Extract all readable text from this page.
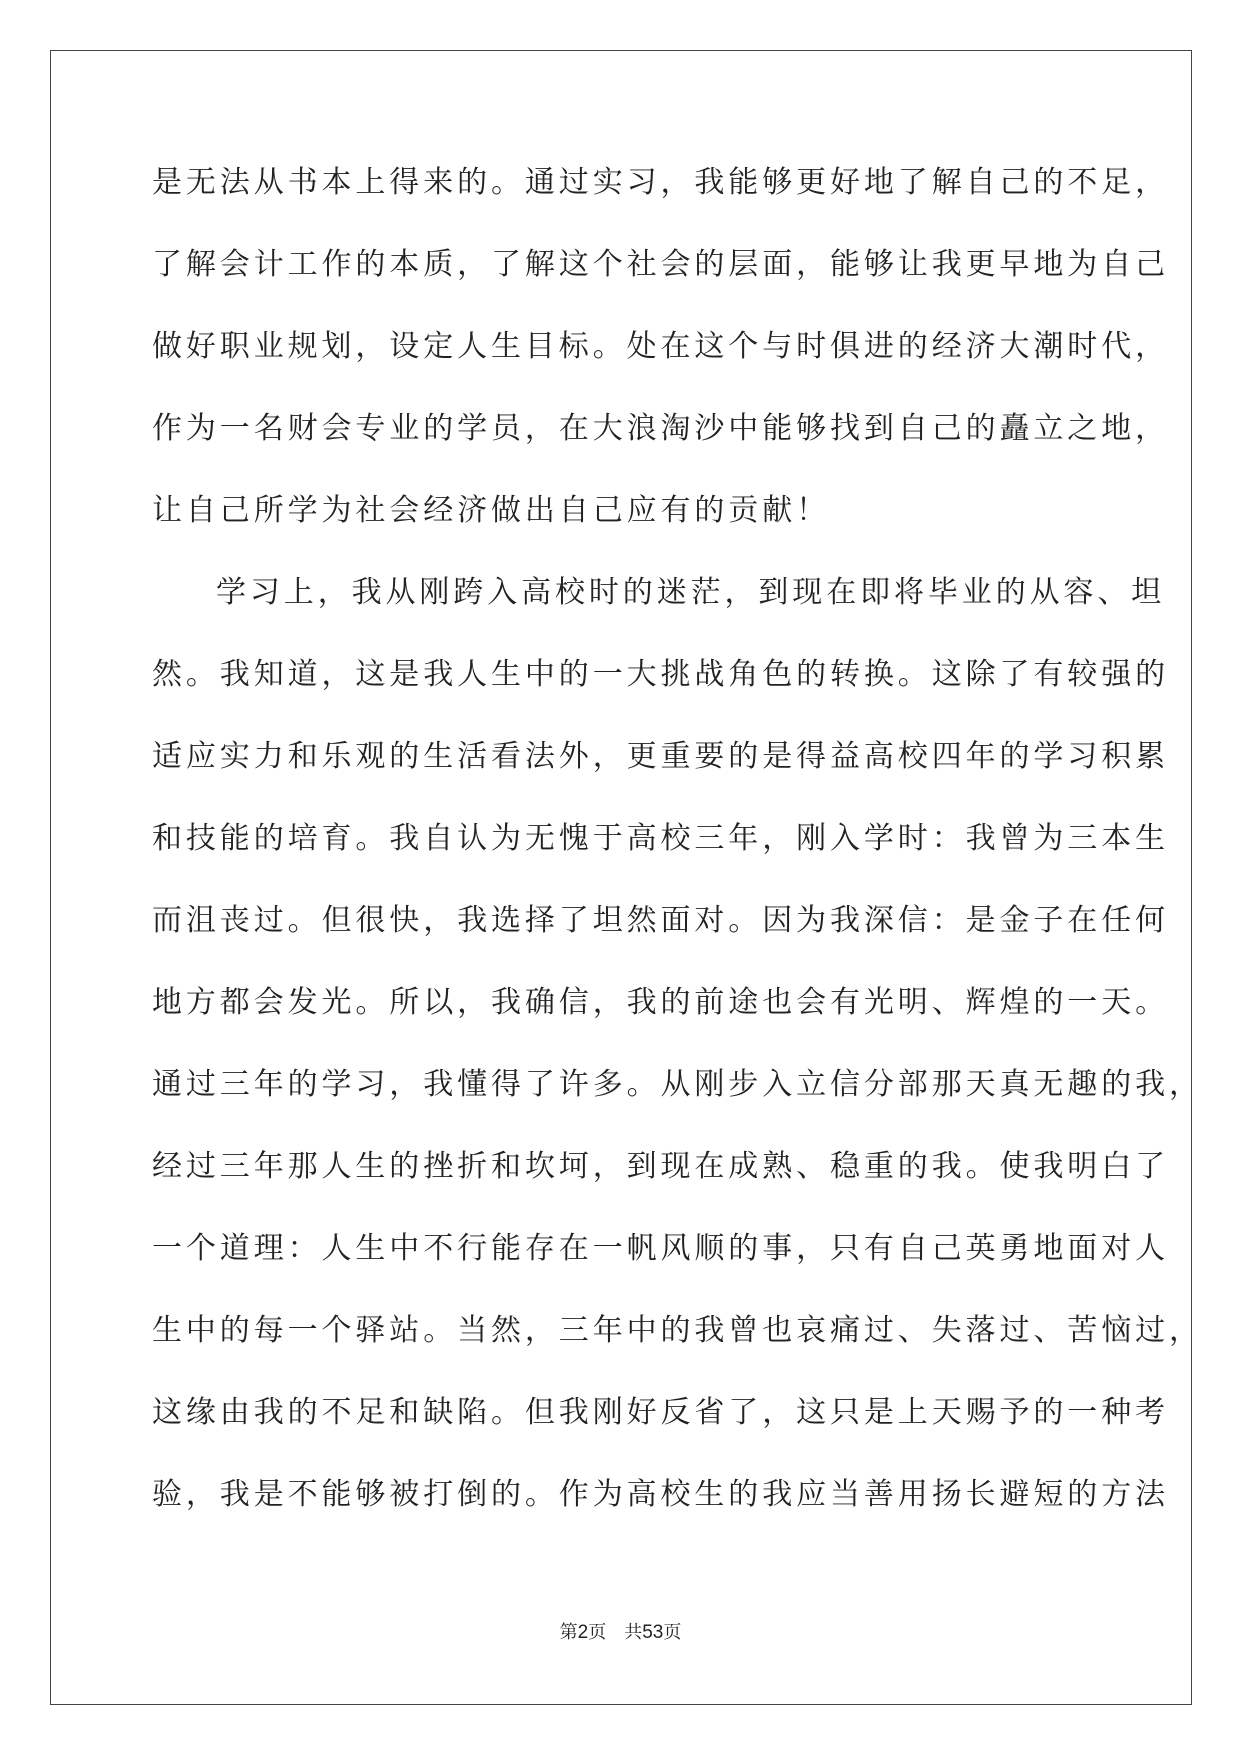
是无法从书本上得来的。通过实习，我能够更好地了解自己的不足，
了解会计工作的本质，了解这个社会的层面，能够让我更早地为自己
做好职业规划，设定人生目标。处在这个与时俱进的经济大潮时代，
作为一名财会专业的学员，在大浪淘沙中能够找到自己的矗立之地，
让自己所学为社会经济做出自己应有的贡献！
学习上，我从刚跨入高校时的迷茫，到现在即将毕业的从容、坦
然。我知道，这是我人生中的一大挑战角色的转换。这除了有较强的
适应实力和乐观的生活看法外，更重要的是得益高校四年的学习积累
和技能的培育。我自认为无愧于高校三年，刚入学时：我曾为三本生
而沮丧过。但很快，我选择了坦然面对。因为我深信：是金子在任何
地方都会发光。所以，我确信，我的前途也会有光明、辉煌的一天。
通过三年的学习，我懂得了许多。从刚步入立信分部那天真无趣的我，
经过三年那人生的挫折和坎坷，到现在成熟、稳重的我。使我明白了
一个道理：人生中不行能存在一帆风顺的事，只有自己英勇地面对人
生中的每一个驿站。当然，三年中的我曾也哀痛过、失落过、苦恼过，
这缘由我的不足和缺陷。但我刚好反省了，这只是上天赐予的一种考
验，我是不能够被打倒的。作为高校生的我应当善用扬长避短的方法
第2页　共53页
